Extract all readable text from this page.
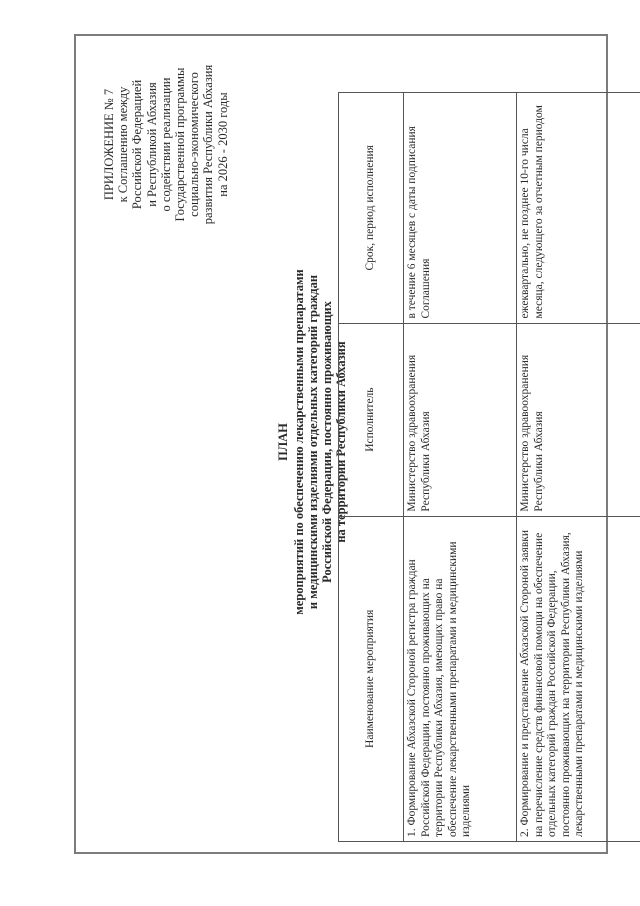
ПРИЛОЖЕНИЕ № 7 к Соглашению между Российской Федерацией и Республикой Абхазия о содействии реализации Государственной программы социально-экономического развития Республики Абхазия на 2026 - 2030 годы
ПЛАН мероприятий по обеспечению лекарственными препаратами и медицинскими изделиями отдельных категорий граждан Российской Федерации, постоянно проживающих на территории Республики Абхазия
Наименование мероприятия	Исполнитель	Срок, период исполнения
1. Формирование Абхазской Стороной регистра граждан Российской Федерации, постоянно проживающих на территории Республики Абхазия, имеющих право на обеспечение лекарственными препаратами и медицинскими изделиями	Министерство здравоохранения Республики Абхазия	в течение 6 месяцев с даты подписания Соглашения
2. Формирование и представление Абхазской Стороной заявки на перечисление средств финансовой помощи на обеспечение отдельных категорий граждан Российской Федерации, постоянно проживающих на территории Республики Абхазия, лекарственными препаратами и медицинскими изделиями	Министерство здравоохранения Республики Абхазия	ежеквартально, не позднее 10-го числа месяца, следующего за отчетным периодом
